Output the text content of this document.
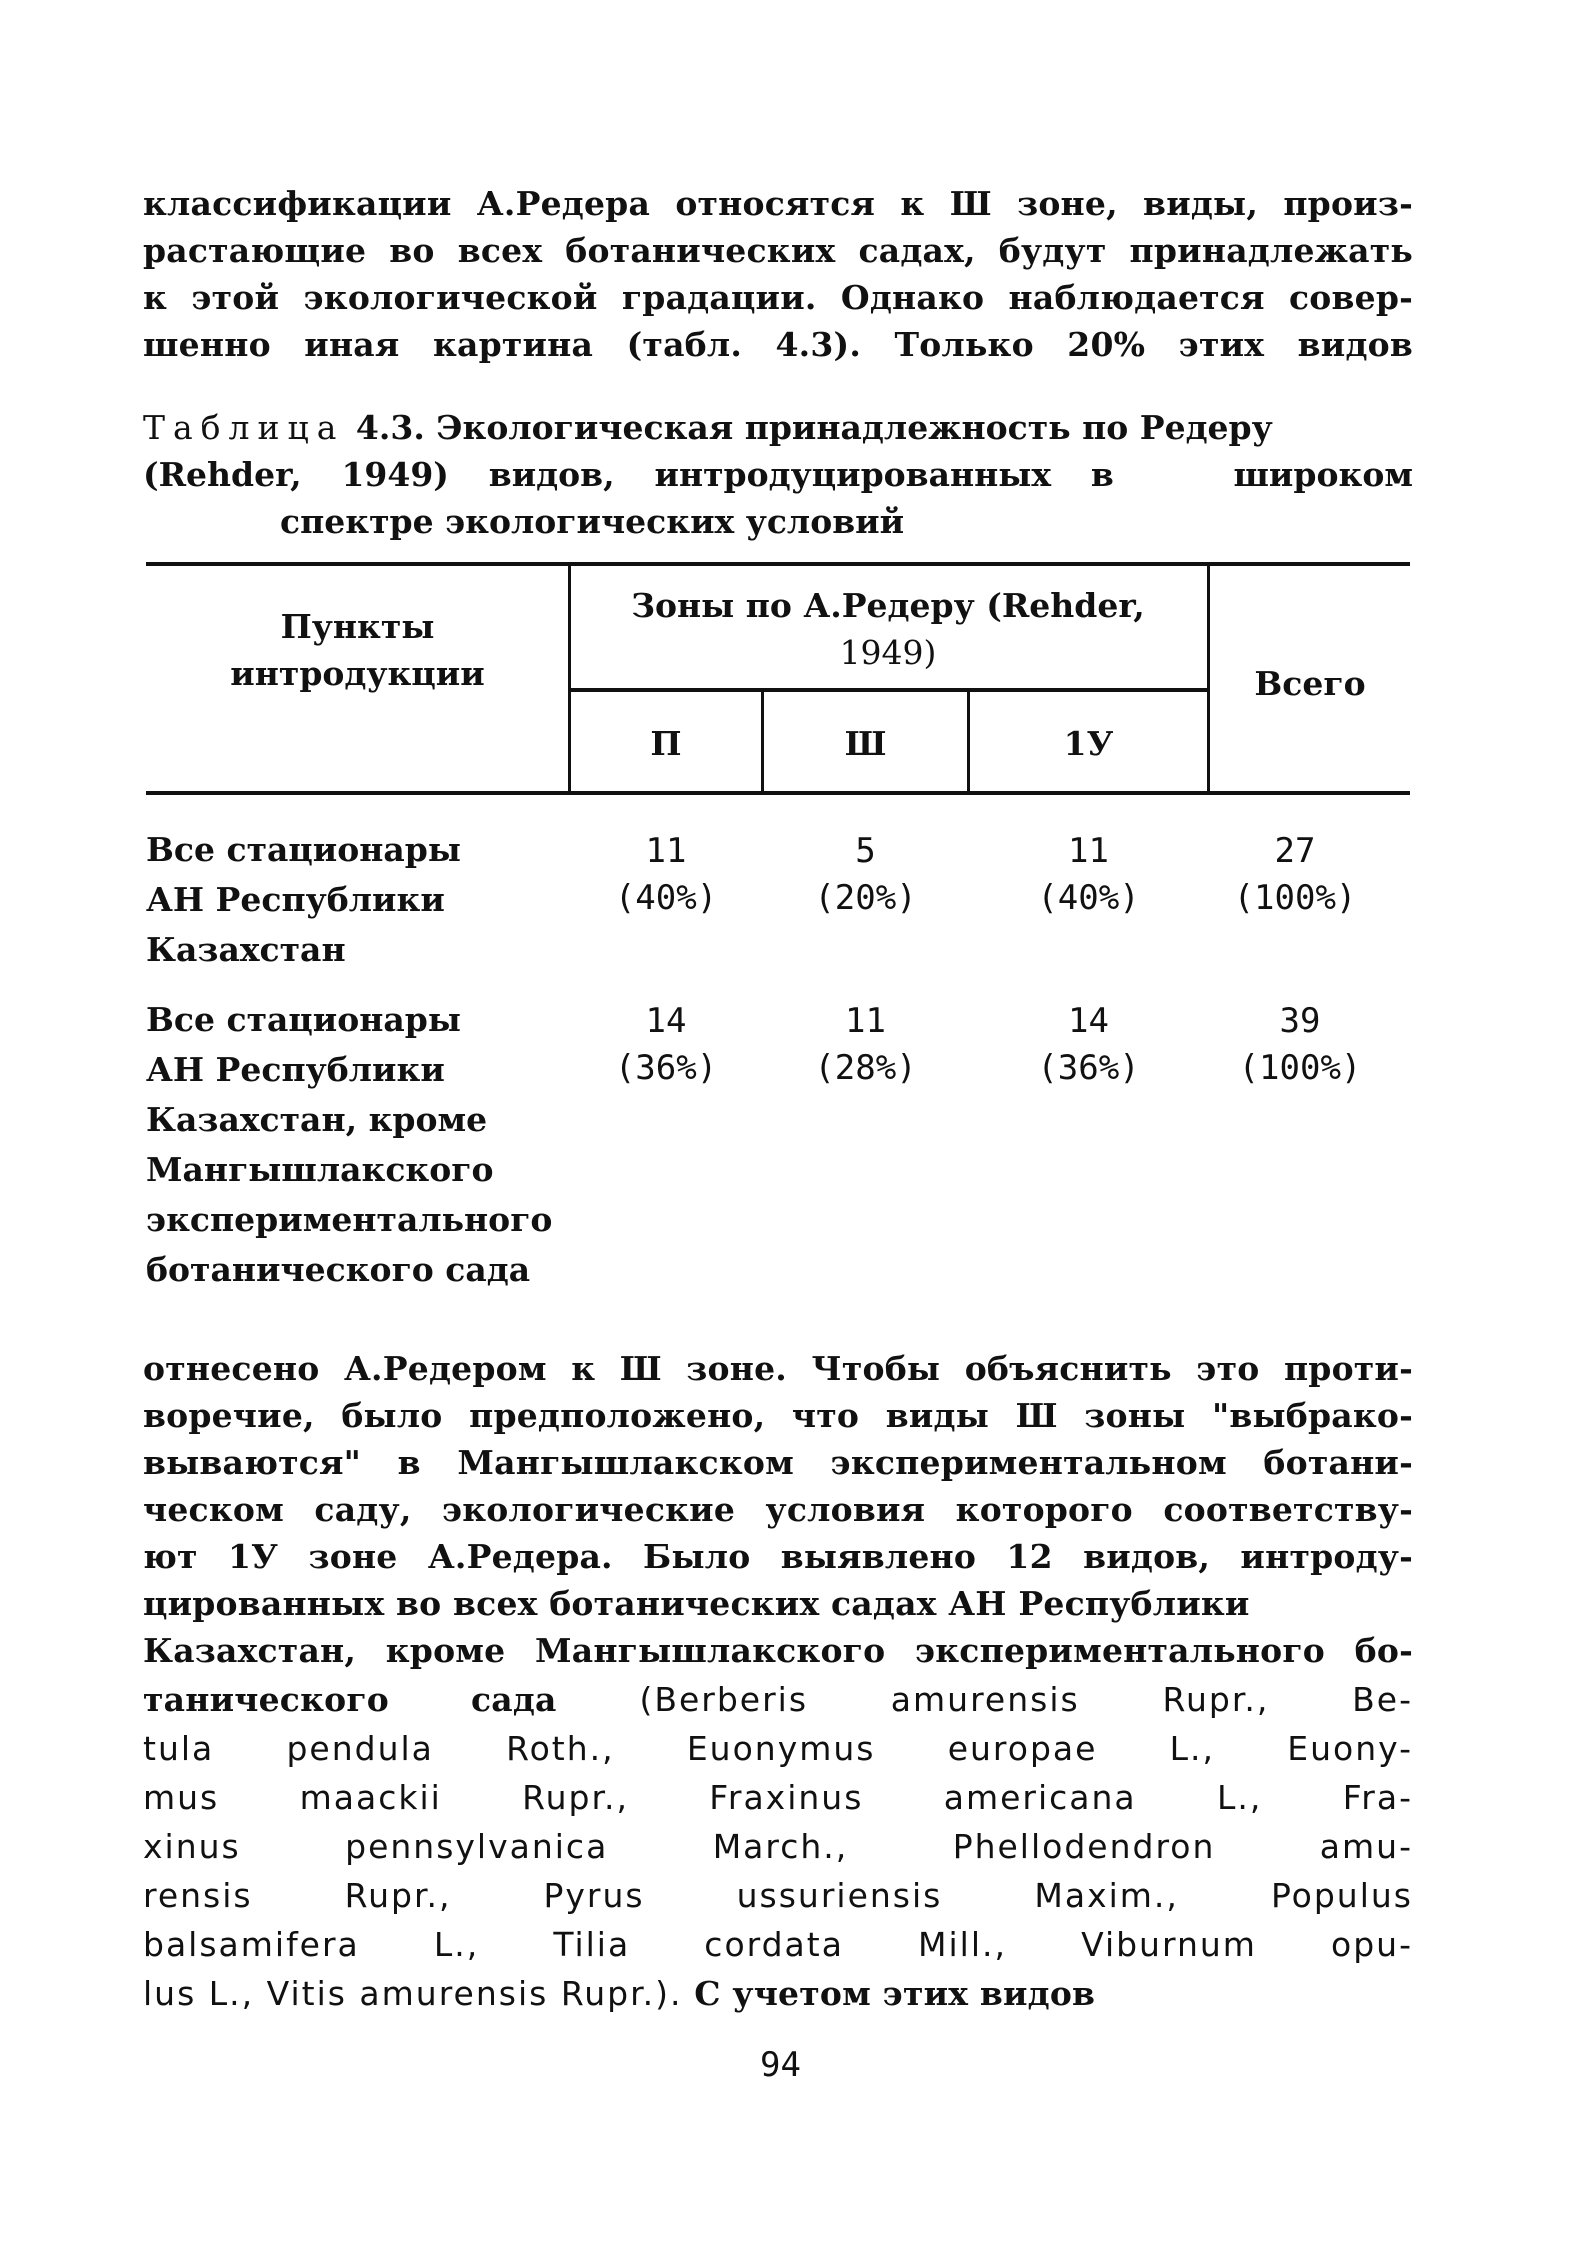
классификации А.Редера относятся к Ш зоне, виды, произ-
растающие во всех ботанических садах, будут принадлежать
к этой экологической градации. Однако наблюдается совер-
шенно иная картина (табл. 4.3). Только 20% этих видов
Таблица 4.3. Экологическая принадлежность по Редеру
(Rehder, 1949) видов, интродуцированных в   широком
спектре экологических условий
Пункты
интродукции
Зоны по А.Редеру (Rehder,
1949)
П	Ш	1У
Всего
Все стационары
АН Республики
Казахстан
11
(40%)
5
(20%)
11
(40%)
27
(100%)
Все стационары
АН Республики
Казахстан, кроме
Мангышлакского
экспериментального
ботанического сада
14
(36%)
11
(28%)
14
(36%)
39
(100%)
отнесено А.Редером к Ш зоне. Чтобы объяснить это проти-
воречие, было предположено, что виды Ш зоны "выбрако-
вываются" в Мангышлакском экспериментальном ботани-
ческом саду, экологические условия которого соответству-
ют 1У зоне А.Редера. Было выявлено 12 видов, интроду-
цированных во всех ботанических садах АН Республики
Казахстан, кроме Мангышлакского экспериментального бо-
танического сада (Berberis amurensis Rupr., Be-
tula pendula Roth., Euonymus europae L., Euony-
mus maackii Rupr., Fraxinus americana L., Fra-
xinus pennsylvanica March., Phellodendron amu-
rensis Rupr., Pyrus ussuriensis Maxim., Populus
balsamifera L., Tilia cordata Mill., Viburnum opu-
lus L., Vitis amurensis Rupr.). С учетом этих видов
94
